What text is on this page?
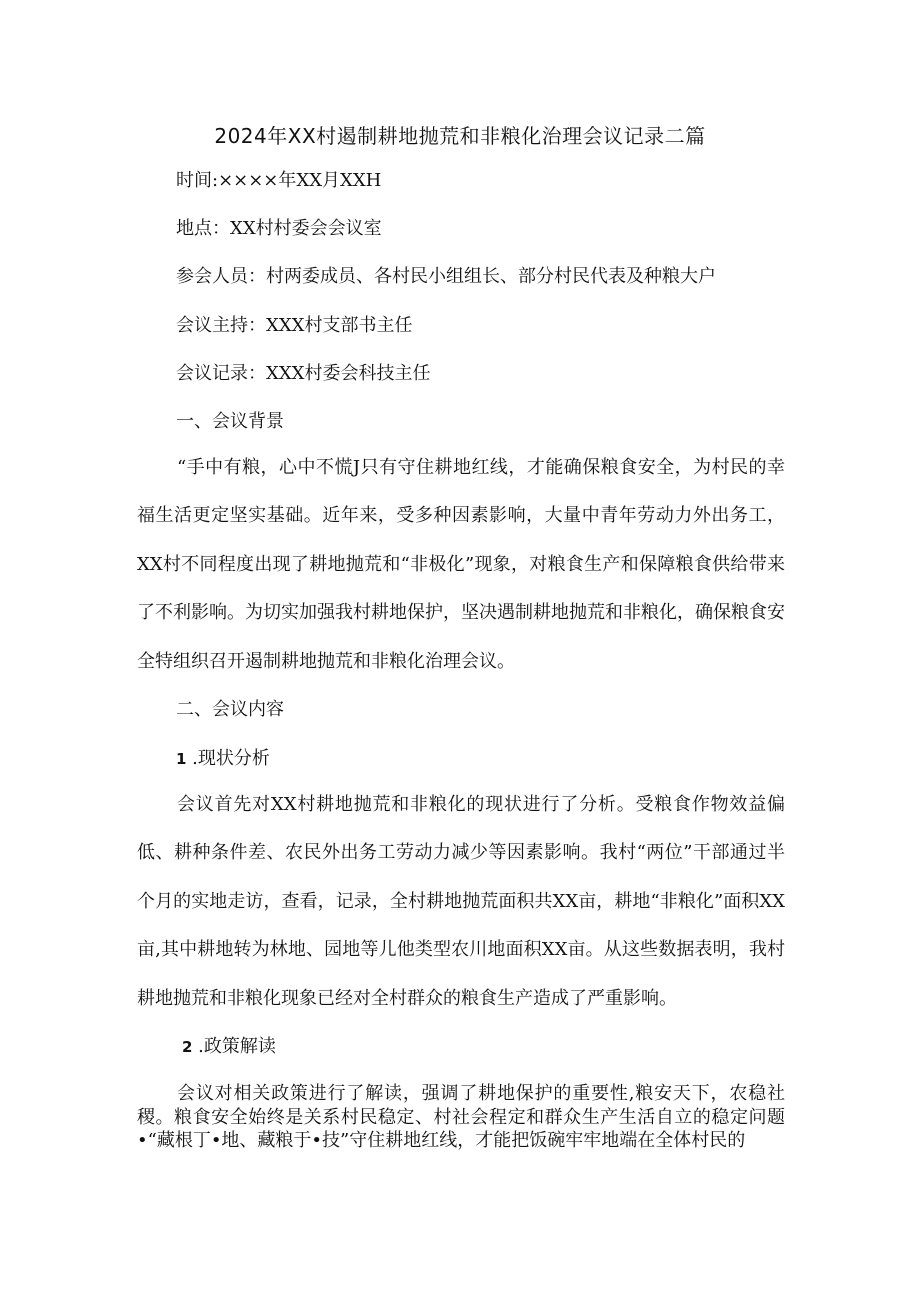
2024年XX村遏制耕地抛荒和非粮化治理会议记录二篇
时间:××××年XX月XXH
地点：XX村村委会会议室
参会人员：村两委成员、各村民小组组长、部分村民代表及种粮大户
会议主持：XXX村支部书主任
会议记录：XXX村委会科技主任
一、会议背景

“手中有粮，心中不慌J只有守住耕地红线，才能确保粮食安全，为村民的幸福生活更定坚实基础。近年来，受多种因素影响，大量中青年劳动力外出务工，XX村不同程度出现了耕地抛荒和“非极化”现象，对粮食生产和保障粮食供给带来了不利影响。为切实加强我村耕地保护，坚决遇制耕地抛荒和非粮化，确保粮食安全特组织召开遏制耕地抛荒和非粮化治理会议。

二、会议内容
1 .现状分析

会议首先对XX村耕地抛荒和非粮化的现状进行了分析。受粮食作物效益偏低、耕种条件差、农民外出务工劳动力减少等因素影响。我村“两位”干部通过半个月的实地走访，查看，记录，全村耕地抛荒面积共XX亩，耕地“非粮化”面积XX亩,其中耕地转为林地、园地等儿他类型农川地面积XX亩。从这些数据表明，我村耕地抛荒和非粮化现象已经对全村群众的粮食生产造成了严重影响。

2 .政策解读

会议对相关政策进行了解读，强调了耕地保护的重要性,粮安天下，农稳社稷。粮食安全始终是关系村民稳定、村社会程定和群众生产生活自立的稳定问题•“藏根丁•地、藏粮于•技”守住耕地红线，才能把饭碗牢牢地端在全体村民的
